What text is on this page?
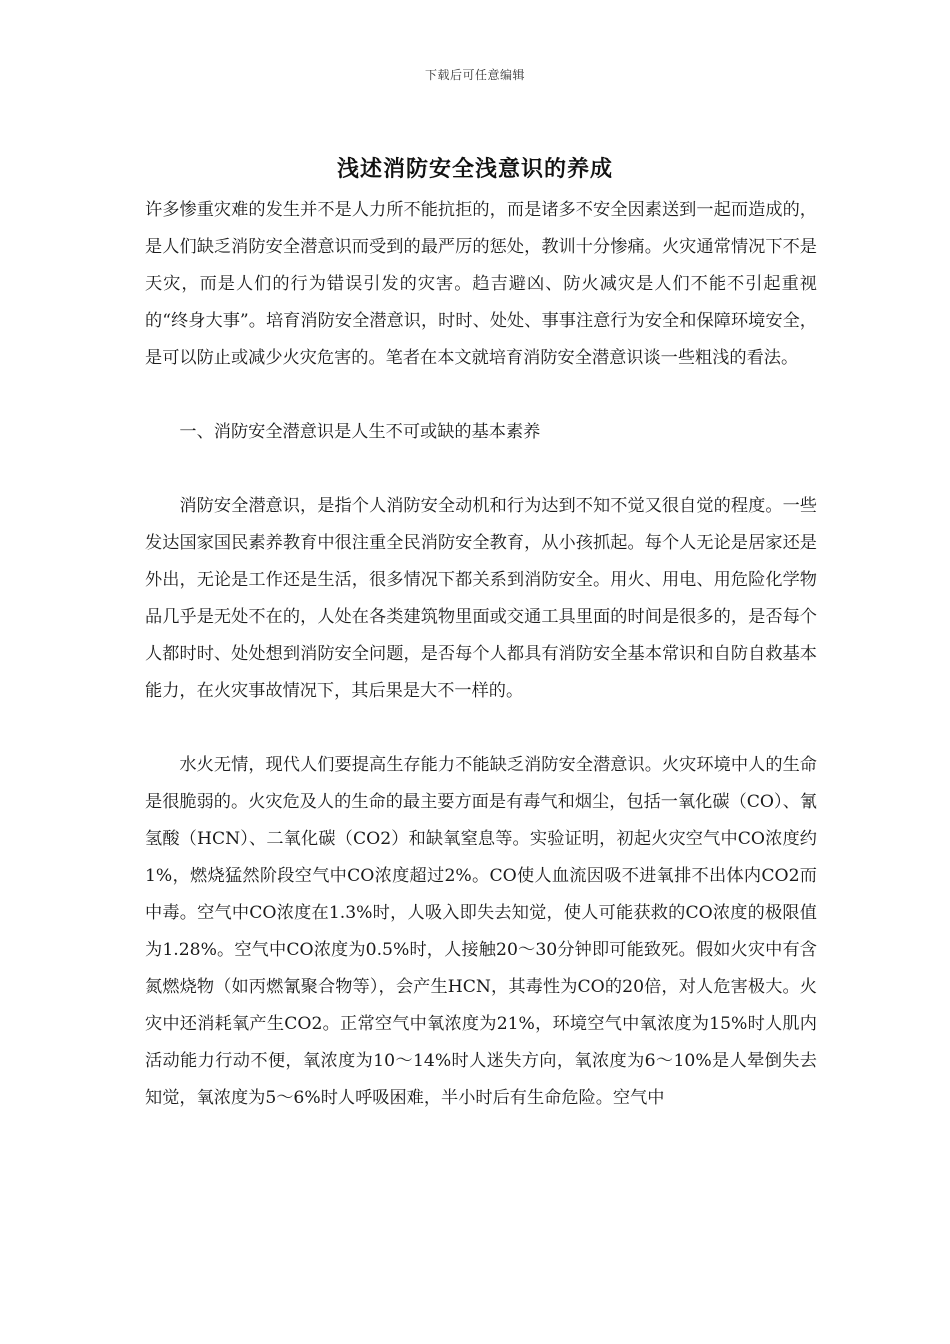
下载后可任意编辑
浅述消防安全浅意识的养成

许多惨重灾难的发生并不是人力所不能抗拒的，而是诸多不安全因素送到一起而造成的，是人们缺乏消防安全潜意识而受到的最严厉的惩处，教训十分惨痛。火灾通常情况下不是天灾，而是人们的行为错误引发的灾害。趋吉避凶、防火减灾是人们不能不引起重视的“终身大事”。培育消防安全潜意识，时时、处处、事事注意行为安全和保障环境安全，是可以防止或减少火灾危害的。笔者在本文就培育消防安全潜意识谈一些粗浅的看法。

一、消防安全潜意识是人生不可或缺的基本素养

消防安全潜意识，是指个人消防安全动机和行为达到不知不觉又很自觉的程度。一些发达国家国民素养教育中很注重全民消防安全教育，从小孩抓起。每个人无论是居家还是外出，无论是工作还是生活，很多情况下都关系到消防安全。用火、用电、用危险化学物品几乎是无处不在的，人处在各类建筑物里面或交通工具里面的时间是很多的，是否每个人都时时、处处想到消防安全问题，是否每个人都具有消防安全基本常识和自防自救基本能力，在火灾事故情况下，其后果是大不一样的。

水火无情，现代人们要提高生存能力不能缺乏消防安全潜意识。火灾环境中人的生命是很脆弱的。火灾危及人的生命的最主要方面是有毒气和烟尘，包括一氧化碳（CO）、氰氢酸（HCN）、二氧化碳（CO2）和缺氧窒息等。实验证明，初起火灾空气中CO浓度约1%，燃烧猛然阶段空气中CO浓度超过2%。CO使人血流因吸不进氧排不出体内CO2而中毒。空气中CO浓度在1.3%时，人吸入即失去知觉，使人可能获救的CO浓度的极限值为1.28%。空气中CO浓度为0.5%时，人接触20～30分钟即可能致死。假如火灾中有含氮燃烧物（如丙燃氰聚合物等），会产生HCN，其毒性为CO的20倍，对人危害极大。火灾中还消耗氧产生CO2。正常空气中氧浓度为21%，环境空气中氧浓度为15%时人肌内活动能力行动不便，氧浓度为10～14%时人迷失方向，氧浓度为6～10%是人晕倒失去知觉，氧浓度为5～6%时人呼吸困难，半小时后有生命危险。空气中
